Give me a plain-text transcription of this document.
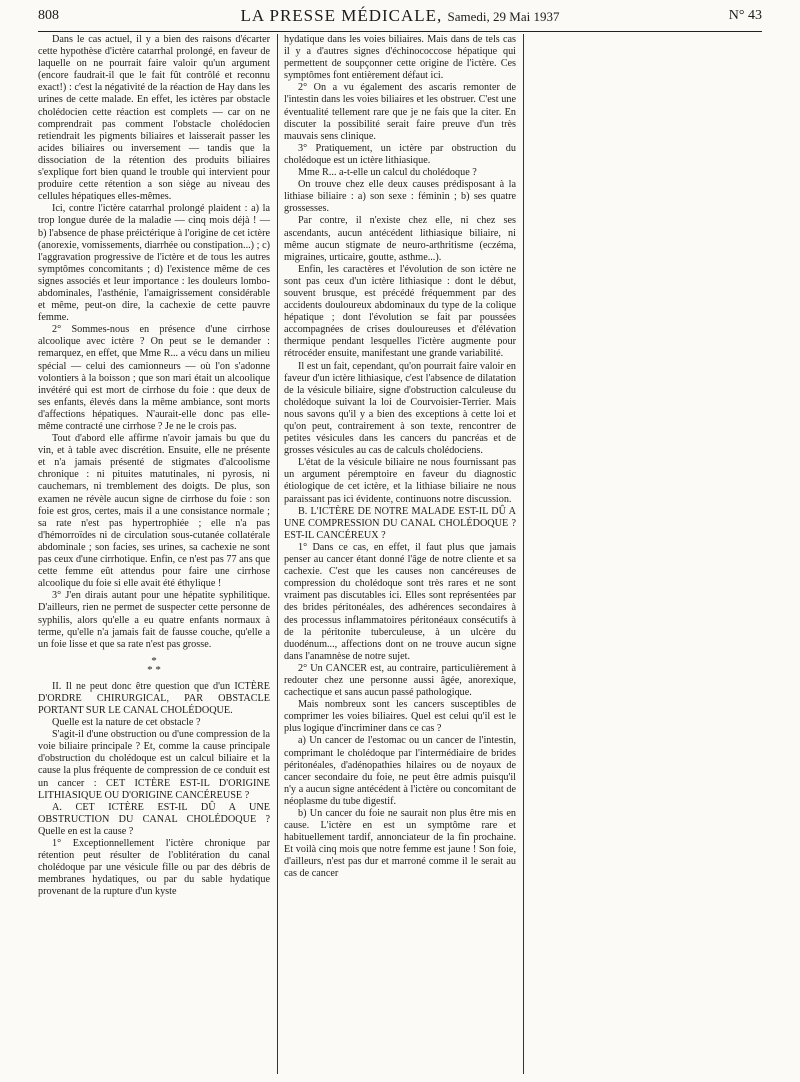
808	LA PRESSE MÉDICALE, Samedi, 29 Mai 1937	N° 43

Dans le cas actuel, il y a bien des raisons d'écarter cette hypothèse d'ictère catarrhal prolongé, en faveur de laquelle on ne pourrait faire valoir qu'un argument (encore faudrait-il que le fait fût contrôlé et reconnu exact!) : c'est la négativité de la réaction de Hay dans les urines de cette malade. En effet, les ictères par obstacle cholédocien cette réaction est complets — car on ne comprendrait pas comment l'obstacle cholédocien retiendrait les pigments biliaires et laisserait passer les acides biliaires ou inversement — tandis que la dissociation de la rétention des produits biliaires s'explique fort bien quand le trouble qui intervient pour produire cette rétention a son siège au niveau des cellules hépatiques elles-mêmes.

Ici, contre l'ictère catarrhal prolongé plaident : a) la trop longue durée de la maladie — cinq mois déjà ! — b) l'absence de phase préictérique à l'origine de cet ictère (anorexie, vomissements, diarrhée ou constipation...) ; c) l'aggravation progressive de l'ictère et de tous les autres symptômes concomitants ; d) l'existence même de ces signes associés et leur importance : les douleurs lombo-abdominales, l'asthénie, l'amaigrissement considérable et même, peut-on dire, la cachexie de cette pauvre femme.

2° Sommes-nous en présence d'une cirrhose alcoolique avec ictère ? On peut se le demander : remarquez, en effet, que Mme R... a vécu dans un milieu spécial — celui des camionneurs — où l'on s'adonne volontiers à la boisson ; que son mari était un alcoolique invétéré qui est mort de cirrhose du foie : que deux de ses enfants, élevés dans la même ambiance, sont morts d'affections hépatiques. N'aurait-elle donc pas elle-même contracté une cirrhose ? Je ne le crois pas.

Tout d'abord elle affirme n'avoir jamais bu que du vin, et à table avec discrétion. Ensuite, elle ne présente et n'a jamais présenté de stigmates d'alcoolisme chronique : ni pituites matutinales, ni pyrosis, ni cauchemars, ni tremblement des doigts. De plus, son examen ne révèle aucun signe de cirrhose du foie : son foie est gros, certes, mais il a une consistance normale ; sa rate n'est pas hypertrophiée ; elle n'a pas d'hémorroïdes ni de circulation sous-cutanée collatérale abdominale ; son facies, ses urines, sa cachexie ne sont pas ceux d'une cirrhotique. Enfin, ce n'est pas 77 ans que cette femme eût attendus pour faire une cirrhose alcoolique du foie si elle avait été éthylique !

3° J'en dirais autant pour une hépatite syphilitique. D'ailleurs, rien ne permet de suspecter cette personne de syphilis, alors qu'elle a eu quatre enfants normaux à terme, qu'elle n'a jamais fait de fausse couche, qu'elle a un foie lisse et que sa rate n'est pas grosse.

*
* *

II. Il ne peut donc être question que d'un ICTÈRE D'ORDRE CHIRURGICAL, PAR OBSTACLE PORTANT SUR LE CANAL CHOLÉDOQUE.

Quelle est la nature de cet obstacle ?

S'agit-il d'une obstruction ou d'une compression de la voie biliaire principale ? Et, comme la cause principale d'obstruction du cholédoque est un calcul biliaire et la cause la plus fréquente de compression de ce conduit est un cancer : CET ICTÈRE EST-IL D'ORIGINE LITHIASIQUE OU D'ORIGINE CANCÉREUSE ?

A. CET ICTÈRE EST-IL DÛ A UNE OBSTRUCTION DU CANAL CHOLÉDOQUE ? Quelle en est la cause ?

1° Exceptionnellement l'ictère chronique par rétention peut résulter de l'oblitération du canal cholédoque par une vésicule fille ou par des débris de membranes hydatiques, ou par du sable hydatique provenant de la rupture d'un kyste

hydatique dans les voies biliaires. Mais dans de tels cas il y a d'autres signes d'échinococcose hépatique qui permettent de soupçonner cette origine de l'ictère. Ces symptômes font entièrement défaut ici.

2° On a vu également des ascaris remonter de l'intestin dans les voies biliaires et les obstruer. C'est une éventualité tellement rare que je ne fais que la citer. En discuter la possibilité serait faire preuve d'un très mauvais sens clinique.

3° Pratiquement, un ictère par obstruction du cholédoque est un ictère lithiasique.

Mme R... a-t-elle un calcul du cholédoque ?

On trouve chez elle deux causes prédisposant à la lithiase biliaire : a) son sexe : féminin ; b) ses quatre grossesses.

Par contre, il n'existe chez elle, ni chez ses ascendants, aucun antécédent lithiasique biliaire, ni même aucun stigmate de neuro-arthritisme (eczéma, migraines, urticaire, goutte, asthme...).

Enfin, les caractères et l'évolution de son ictère ne sont pas ceux d'un ictère lithiasique : dont le début, souvent brusque, est précédé fréquemment par des accidents douloureux abdominaux du type de la colique hépatique ; dont l'évolution se fait par poussées accompagnées de crises douloureuses et d'élévation thermique pendant lesquelles l'ictère augmente pour rétrocéder ensuite, manifestant une grande variabilité.

Il est un fait, cependant, qu'on pourrait faire valoir en faveur d'un ictère lithiasique, c'est l'absence de dilatation de la vésicule biliaire, signe d'obstruction calculeuse du cholédoque suivant la loi de Courvoisier-Terrier. Mais nous savons qu'il y a bien des exceptions à cette loi et qu'on peut, contrairement à son texte, rencontrer de petites vésicules dans les cancers du pancréas et de grosses vésicules au cas de calculs cholédociens.

L'état de la vésicule biliaire ne nous fournissant pas un argument péremptoire en faveur du diagnostic étiologique de cet ictère, et la lithiase biliaire ne nous paraissant pas ici évidente, continuons notre discussion.

B. L'ICTÈRE DE NOTRE MALADE EST-IL DÛ A UNE COMPRESSION DU CANAL CHOLÉDOQUE ? EST-IL CANCÉREUX ?

1° Dans ce cas, en effet, il faut plus que jamais penser au cancer étant donné l'âge de notre cliente et sa cachexie. C'est que les causes non cancéreuses de compression du cholédoque sont très rares et ne sont vraiment pas discutables ici. Elles sont représentées par des brides péritonéales, des adhérences secondaires à des processus inflammatoires péritonéaux consécutifs à de la péritonite tuberculeuse, à un ulcère du duodénum..., affections dont on ne trouve aucun signe dans l'anamnèse de notre sujet.

2° Un CANCER est, au contraire, particulièrement à redouter chez une personne aussi âgée, anorexique, cachectique et sans aucun passé pathologique.

Mais nombreux sont les cancers susceptibles de comprimer les voies biliaires. Quel est celui qu'il est le plus logique d'incriminer dans ce cas ?

a) Un cancer de l'estomac ou un cancer de l'intestin, comprimant le cholédoque par l'intermédiaire de brides péritonéales, d'adénopathies hilaires ou de noyaux de cancer secondaire du foie, ne peut être admis puisqu'il n'y a aucun signe antécédent à l'ictère ou concomitant de néoplasme du tube digestif.

b) Un cancer du foie ne saurait non plus être mis en cause. L'ictère en est un symptôme rare et habituellement tardif, annonciateur de la fin prochaine. Et voilà cinq mois que notre femme est jaune ! Son foie, d'ailleurs, n'est pas dur et marroné comme il le serait au cas de cancer
